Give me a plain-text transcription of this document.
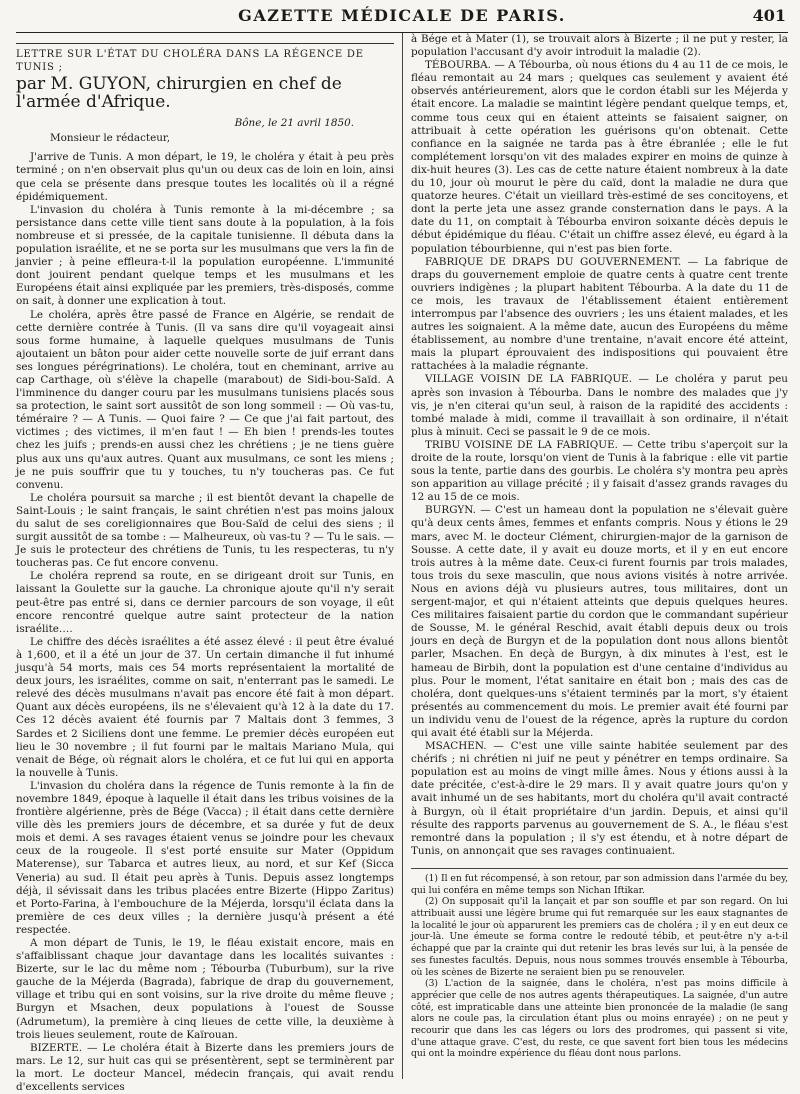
GAZETTE MÉDICALE DE PARIS.	401

LETTRE SUR L'ÉTAT DU CHOLÉRA DANS LA RÉGENCE DE TUNIS ;

par M. GUYON, chirurgien en chef de l'armée d'Afrique.

Bône, le 21 avril 1850.

Monsieur le rédacteur,

J'arrive de Tunis. A mon départ, le 19, le choléra y était à peu près terminé ; on n'en observait plus qu'un ou deux cas de loin en loin, ainsi que cela se présente dans presque toutes les localités où il a régné épidémiquement.

L'invasion du choléra à Tunis remonte à la mi-décembre ; sa persistance dans cette ville tient sans doute à la population, à la fois nombreuse et si pressée, de la capitale tunisienne. Il débuta dans la population israélite, et ne se porta sur les musulmans que vers la fin de janvier ; à peine effleura-t-il la population européenne. L'immunité dont jouirent pendant quelque temps et les musulmans et les Européens était ainsi expliquée par les premiers, très-disposés, comme on sait, à donner une explication à tout.

Le choléra, après être passé de France en Algérie, se rendait de cette dernière contrée à Tunis. (Il va sans dire qu'il voyageait ainsi sous forme humaine, à laquelle quelques musulmans de Tunis ajoutaient un bâton pour aider cette nouvelle sorte de juif errant dans ses longues pérégrinations). Le choléra, tout en cheminant, arrive au cap Carthage, où s'élève la chapelle (marabout) de Sidi-bou-Saïd. A l'imminence du danger couru par les musulmans tunisiens placés sous sa protection, le saint sort aussitôt de son long sommeil : — Où vas-tu, téméraire ? — A Tunis. — Quoi faire ? — Ce que j'ai fait partout, des victimes ; des victimes, il m'en faut ! — Eh bien ! prends-les toutes chez les juifs ; prends-en aussi chez les chrétiens ; je ne tiens guère plus aux uns qu'aux autres. Quant aux musulmans, ce sont les miens ; je ne puis souffrir que tu y touches, tu n'y toucheras pas. Ce fut convenu.

Le choléra poursuit sa marche ; il est bientôt devant la chapelle de Saint-Louis ; le saint français, le saint chrétien n'est pas moins jaloux du salut de ses coreligionnaires que Bou-Saïd de celui des siens ; il surgit aussitôt de sa tombe : — Malheureux, où vas-tu ? — Tu le sais. — Je suis le protecteur des chrétiens de Tunis, tu les respecteras, tu n'y toucheras pas. Ce fut encore convenu.

Le choléra reprend sa route, en se dirigeant droit sur Tunis, en laissant la Goulette sur la gauche. La chronique ajoute qu'il n'y serait peut-être pas entré si, dans ce dernier parcours de son voyage, il eût encore rencontré quelque autre saint protecteur de la nation israélite….

Le chiffre des décès israélites a été assez élevé : il peut être évalué à 1,600, et il a été un jour de 37. Un certain dimanche il fut inhumé jusqu'à 54 morts, mais ces 54 morts représentaient la mortalité de deux jours, les israélites, comme on sait, n'enterrant pas le samedi. Le relevé des décès musulmans n'avait pas encore été fait à mon départ. Quant aux décès européens, ils ne s'élevaient qu'à 12 à la date du 17. Ces 12 décès avaient été fournis par 7 Maltais dont 3 femmes, 3 Sardes et 2 Siciliens dont une femme. Le premier décès européen eut lieu le 30 novembre ; il fut fourni par le maltais Mariano Mula, qui venait de Bége, où régnait alors le choléra, et ce fut lui qui en apporta la nouvelle à Tunis.

L'invasion du choléra dans la régence de Tunis remonte à la fin de novembre 1849, époque à laquelle il était dans les tribus voisines de la frontière algérienne, près de Bége (Vacca) ; il était dans cette dernière ville dès les premiers jours de décembre, et sa durée y fut de deux mois et demi. A ses ravages étaient venus se joindre pour les chevaux ceux de la rougeole. Il s'est porté ensuite sur Mater (Oppidum Materense), sur Tabarca et autres lieux, au nord, et sur Kef (Sicca Veneria) au sud. Il était peu après à Tunis. Depuis assez longtemps déjà, il sévissait dans les tribus placées entre Bizerte (Hippo Zaritus) et Porto-Farina, à l'embouchure de la Méjerda, lorsqu'il éclata dans la première de ces deux villes ; la dernière jusqu'à présent a été respectée.

A mon départ de Tunis, le 19, le fléau existait encore, mais en s'affaiblissant chaque jour davantage dans les localités suivantes : Bizerte, sur le lac du même nom ; Tébourba (Tuburbum), sur la rive gauche de la Méjerda (Bagrada), fabrique de drap du gouvernement, village et tribu qui en sont voisins, sur la rive droite du même fleuve ; Burgyn et Msachen, deux populations à l'ouest de Sousse (Adrumetum), la première à cinq lieues de cette ville, la deuxième à trois lieues seulement, route de Kaïrouan.

BIZERTE. — Le choléra était à Bizerte dans les premiers jours de mars. Le 12, sur huit cas qui se présentèrent, sept se terminèrent par la mort. Le docteur Mancel, médecin français, qui avait rendu d'excellents services

à Bége et à Mater (1), se trouvait alors à Bizerte ; il ne put y rester, la population l'accusant d'y avoir introduit la maladie (2).

TÉBOURBA. — A Tébourba, où nous étions du 4 au 11 de ce mois, le fléau remontait au 24 mars ; quelques cas seulement y avaient été observés antérieurement, alors que le cordon établi sur les Méjerda y était encore. La maladie se maintint légère pendant quelque temps, et, comme tous ceux qui en étaient atteints se faisaient saigner, on attribuait à cette opération les guérisons qu'on obtenait. Cette confiance en la saignée ne tarda pas à être ébranlée ; elle le fut complétement lorsqu'on vit des malades expirer en moins de quinze à dix-huit heures (3). Les cas de cette nature étaient nombreux à la date du 10, jour où mourut le père du caïd, dont la maladie ne dura que quatorze heures. C'était un vieillard très-estimé de ses concitoyens, et dont la perte jeta une assez grande consternation dans le pays. A la date du 11, on comptait à Tébourba environ soixante décès depuis le début épidémique du fléau. C'était un chiffre assez élevé, eu égard à la population tébourbienne, qui n'est pas bien forte.

FABRIQUE DE DRAPS DU GOUVERNEMENT. — La fabrique de draps du gouvernement emploie de quatre cents à quatre cent trente ouvriers indigènes ; la plupart habitent Tébourba. A la date du 11 de ce mois, les travaux de l'établissement étaient entièrement interrompus par l'absence des ouvriers ; les uns étaient malades, et les autres les soignaient. A la même date, aucun des Européens du même établissement, au nombre d'une trentaine, n'avait encore été atteint, mais la plupart éprouvaient des indispositions qui pouvaient être rattachées à la maladie régnante.

VILLAGE VOISIN DE LA FABRIQUE. — Le choléra y parut peu après son invasion à Tébourba. Dans le nombre des malades que j'y vis, je n'en citerai qu'un seul, à raison de la rapidité des accidents : tombé malade à midi, comme il travaillait à son ordinaire, il n'était plus à minuit. Ceci se passait le 9 de ce mois.

TRIBU VOISINE DE LA FABRIQUE. — Cette tribu s'aperçoit sur la droite de la route, lorsqu'on vient de Tunis à la fabrique : elle vit partie sous la tente, partie dans des gourbis. Le choléra s'y montra peu après son apparition au village précité ; il y faisait d'assez grands ravages du 12 au 15 de ce mois.

BURGYN. — C'est un hameau dont la population ne s'élevait guère qu'à deux cents âmes, femmes et enfants compris. Nous y étions le 29 mars, avec M. le docteur Clément, chirurgien-major de la garnison de Sousse. A cette date, il y avait eu douze morts, et il y en eut encore trois autres à la même date. Ceux-ci furent fournis par trois malades, tous trois du sexe masculin, que nous avions visités à notre arrivée. Nous en avions déjà vu plusieurs autres, tous militaires, dont un sergent-major, et qui n'étaient atteints que depuis quelques heures. Ces militaires faisaient partie du cordon que le commandant supérieur de Sousse, M. le général Reschid, avait établi depuis deux ou trois jours en deçà de Burgyn et de la population dont nous allons bientôt parler, Msachen. En deçà de Burgyn, à dix minutes à l'est, est le hameau de Birbih, dont la population est d'une centaine d'individus au plus. Pour le moment, l'état sanitaire en était bon ; mais des cas de choléra, dont quelques-uns s'étaient terminés par la mort, s'y étaient présentés au commencement du mois. Le premier avait été fourni par un individu venu de l'ouest de la régence, après la rupture du cordon qui avait été établi sur la Méjerda.

MSACHEN. — C'est une ville sainte habitée seulement par des chérifs ; ni chrétien ni juif ne peut y pénétrer en temps ordinaire. Sa population est au moins de vingt mille âmes. Nous y étions aussi à la date précitée, c'est-à-dire le 29 mars. Il y avait quatre jours qu'on y avait inhumé un de ses habitants, mort du choléra qu'il avait contracté à Burgyn, où il était propriétaire d'un jardin. Depuis, et ainsi qu'il résulte des rapports parvenus au gouvernement de S. A., le fléau s'est remontré dans la population ; il s'y est étendu, et à notre départ de Tunis, on annonçait que ses ravages continuaient.

(1) Il en fut récompensé, à son retour, par son admission dans l'armée du bey, qui lui conféra en même temps son Nichan Iftikar.

(2) On supposait qu'il la lançait et par son souffle et par son regard. On lui attribuait aussi une légère brume qui fut remarquée sur les eaux stagnantes de la localité le jour où apparurent les premiers cas de choléra ; il y en eut deux ce jour-là. Une émeute se forma contre le redouté tébib, et peut-être n'y a-t-il échappé que par la crainte qui dut retenir les bras levés sur lui, à la pensée de ses funestes facultés. Depuis, nous nous sommes trouvés ensemble à Tébourba, où les scènes de Bizerte ne seraient bien pu se renouveler.

(3) L'action de la saignée, dans le choléra, n'est pas moins difficile à apprécier que celle de nos autres agents thérapeutiques. La saignée, d'un autre côté, est impraticable dans une atteinte bien prononcée de la maladie (le sang alors ne coule pas, la circulation étant plus ou moins enrayée) ; on ne peut y recourir que dans les cas légers ou lors des prodromes, qui passent si vite, d'une attaque grave. C'est, du reste, ce que savent fort bien tous les médecins qui ont la moindre expérience du fléau dont nous parlons.
